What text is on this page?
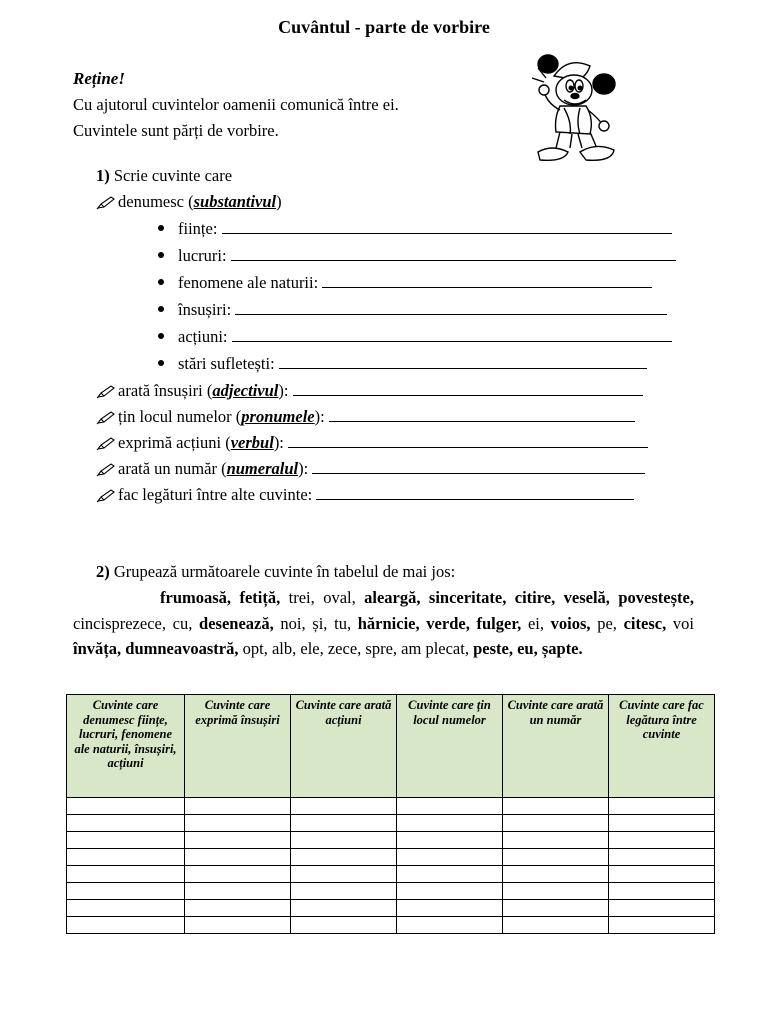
Cuvântul - parte de vorbire
Reține!
Cu ajutorul cuvintelor oamenii comunică între ei.
Cuvintele sunt părți de vorbire.
1) Scrie cuvinte care
denumesc (substantivul)
ființe:
lucruri:
fenomene ale naturii:
însușiri:
acțiuni:
stări sufletești:
arată însușiri (adjectivul):
țin locul numelor (pronumele):
exprimă acțiuni (verbul):
arată un număr (numeralul):
fac legături între alte cuvinte:
2) Grupează următoarele cuvinte în tabelul de mai jos:
frumoasă, fetiță, trei, oval, aleargă, sinceritate, citire, veselă, povestește, cincisprezece, cu, desenează, noi, și, tu, hărnicie, verde, fulger, ei, voios, pe, citesc, voi învăța, dumneavoastră, opt, alb, ele, zece, spre, am plecat, peste, eu, șapte.
Cuvinte care denumesc ființe, lucruri, fenomene ale naturii, însușiri, acțiuni	Cuvinte care exprimă însușiri	Cuvinte care arată acțiuni	Cuvinte care țin locul numelor	Cuvinte care arată un număr	Cuvinte care fac legătura între cuvinte
